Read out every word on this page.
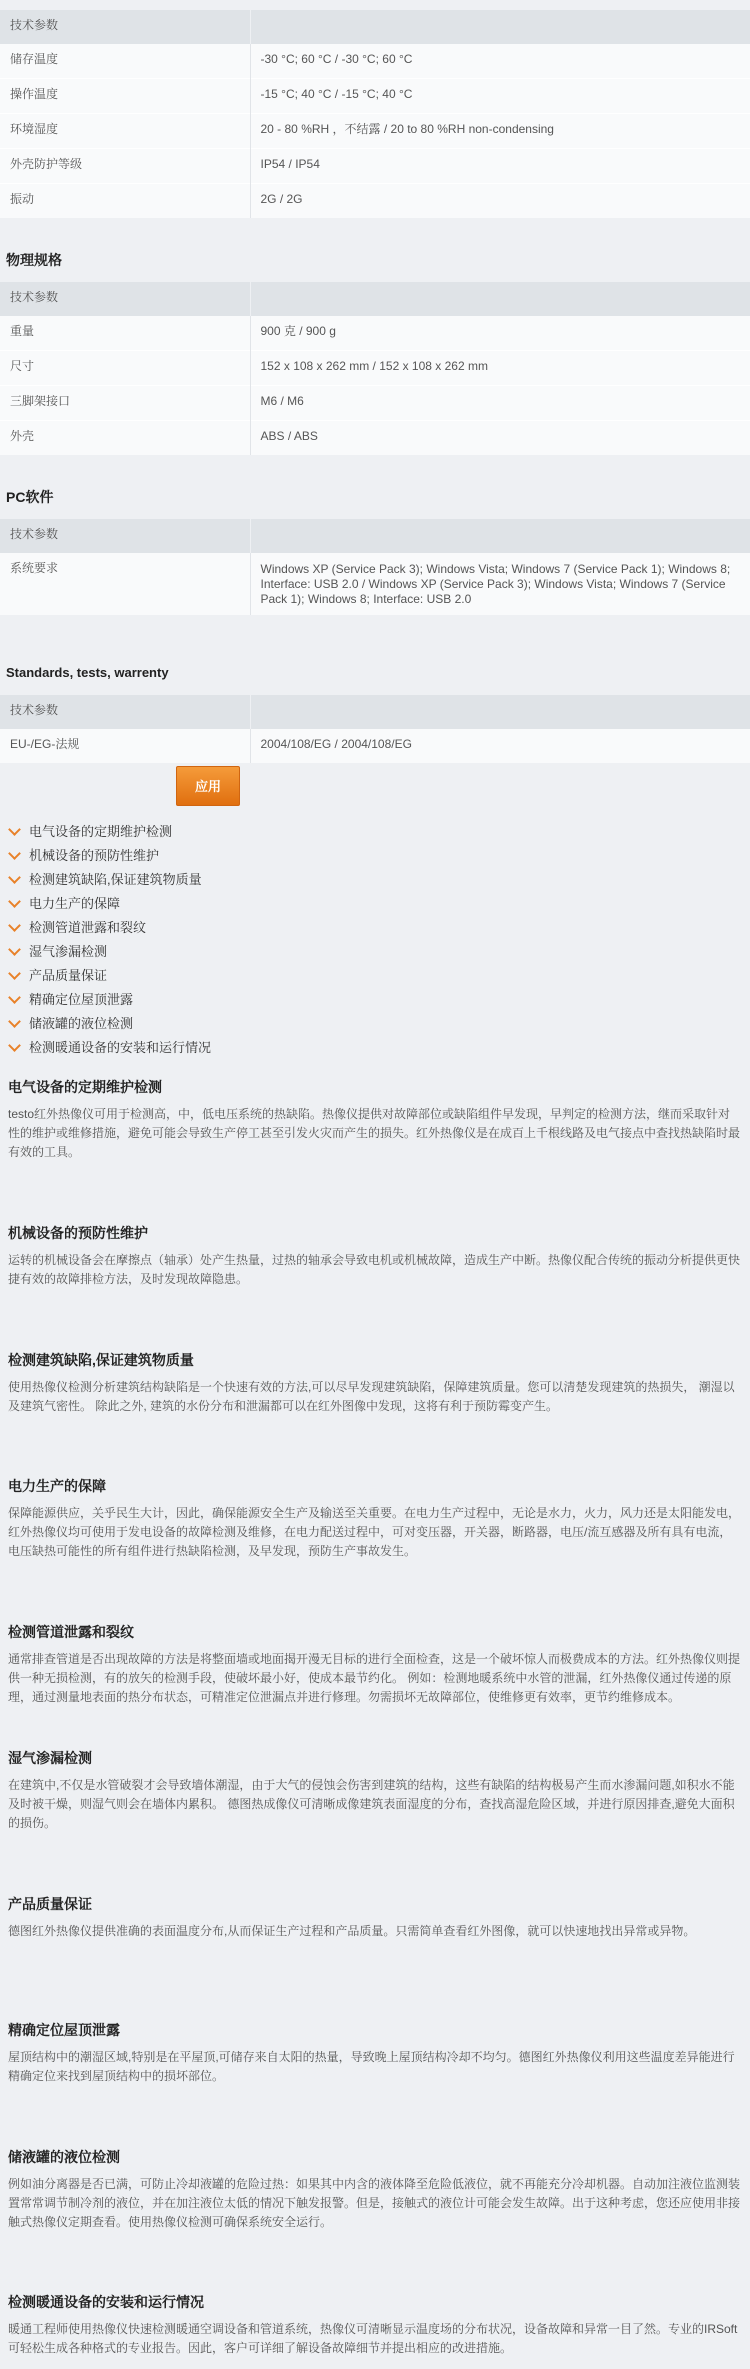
技术参数	
储存温度	-30 °C; 60 °C / -30 °C; 60 °C
操作温度	-15 °C; 40 °C / -15 °C; 40 °C
环境湿度	20 - 80 %RH ，不结露 / 20 to 80 %RH non-condensing
外壳防护等级	IP54 / IP54
振动	2G / 2G
物理规格
技术参数	
重量	900 克 / 900 g
尺寸	152 x 108 x 262 mm / 152 x 108 x 262 mm
三脚架接口	M6 / M6
外壳	ABS / ABS
PC软件
技术参数	
系统要求	Windows XP (Service Pack 3); Windows Vista; Windows 7 (Service Pack 1); Windows 8; Interface: USB 2.0 / Windows XP (Service Pack 3); Windows Vista; Windows 7 (Service Pack 1); Windows 8; Interface: USB 2.0
Standards, tests, warrenty
技术参数	
EU-/EG-法规	2004/108/EG / 2004/108/EG
应用
电气设备的定期维护检测
机械设备的预防性维护
检测建筑缺陷,保证建筑物质量
电力生产的保障
检测管道泄露和裂纹
湿气渗漏检测
产品质量保证
精确定位屋顶泄露
储液罐的液位检测
检测暖通设备的安装和运行情况
电气设备的定期维护检测

testo红外热像仪可用于检测高，中，低电压系统的热缺陷。热像仪提供对故障部位或缺陷组件早发现，早判定的检测方法，继而采取针对性的维护或维修措施，避免可能会导致生产停工甚至引发火灾而产生的损失。红外热像仪是在成百上千根线路及电气接点中查找热缺陷时最有效的工具。

机械设备的预防性维护

运转的机械设备会在摩擦点（轴承）处产生热量，过热的轴承会导致电机或机械故障，造成生产中断。热像仪配合传统的振动分析提供更快捷有效的故障排检方法，及时发现故障隐患。

检测建筑缺陷,保证建筑物质量

使用热像仪检测分析建筑结构缺陷是一个快速有效的方法,可以尽早发现建筑缺陷，保障建筑质量。您可以清楚发现建筑的热损失， 潮湿以及建筑气密性。 除此之外, 建筑的水份分布和泄漏都可以在红外图像中发现，这将有利于预防霉变产生。

电力生产的保障

保障能源供应，关乎民生大计，因此，确保能源安全生产及输送至关重要。在电力生产过程中，无论是水力，火力，风力还是太阳能发电，红外热像仪均可使用于发电设备的故障检测及维修，在电力配送过程中，可对变压器，开关器，断路器，电压/流互感器及所有具有电流，电压缺热可能性的所有组件进行热缺陷检测，及早发现，预防生产事故发生。

检测管道泄露和裂纹

通常排查管道是否出现故障的方法是将整面墙或地面揭开漫无目标的进行全面检查，这是一个破坏惊人而极费成本的方法。红外热像仪则提供一种无损检测，有的放矢的检测手段，使破坏最小好，使成本最节约化。 例如：检测地暖系统中水管的泄漏，红外热像仪通过传递的原理，通过测量地表面的热分布状态，可精准定位泄漏点并进行修理。勿需损坏无故障部位，使维修更有效率，更节约维修成本。

湿气渗漏检测

在建筑中,不仅是水管破裂才会导致墙体潮湿，由于大气的侵蚀会伤害到建筑的结构，这些有缺陷的结构极易产生而水渗漏问题,如积水不能及时被干燥，则湿气则会在墙体内累积。 德图热成像仪可清晰成像建筑表面湿度的分布，查找高湿危险区域，并进行原因排查,避免大面积的损伤。

产品质量保证

德图红外热像仪提供准确的表面温度分布,从而保证生产过程和产品质量。只需简单查看红外图像，就可以快速地找出异常或异物。

精确定位屋顶泄露

屋顶结构中的潮湿区域,特别是在平屋顶,可储存来自太阳的热量，导致晚上屋顶结构冷却不均匀。德图红外热像仪利用这些温度差异能进行精确定位来找到屋顶结构中的损坏部位。

储液罐的液位检测

例如油分离器是否已满，可防止冷却液罐的危险过热：如果其中内含的液体降至危险低液位，就不再能充分冷却机器。自动加注液位监测装置常常调节制冷剂的液位，并在加注液位太低的情况下触发报警。但是，接触式的液位计可能会发生故障。出于这种考虑，您还应使用非接触式热像仪定期查看。使用热像仪检测可确保系统安全运行。

检测暖通设备的安装和运行情况

暖通工程师使用热像仪快速检测暖通空调设备和管道系统，热像仪可清晰显示温度场的分布状况，设备故障和异常一目了然。专业的IRSoft可轻松生成各种格式的专业报告。因此，客户可详细了解设备故障细节并提出相应的改进措施。
